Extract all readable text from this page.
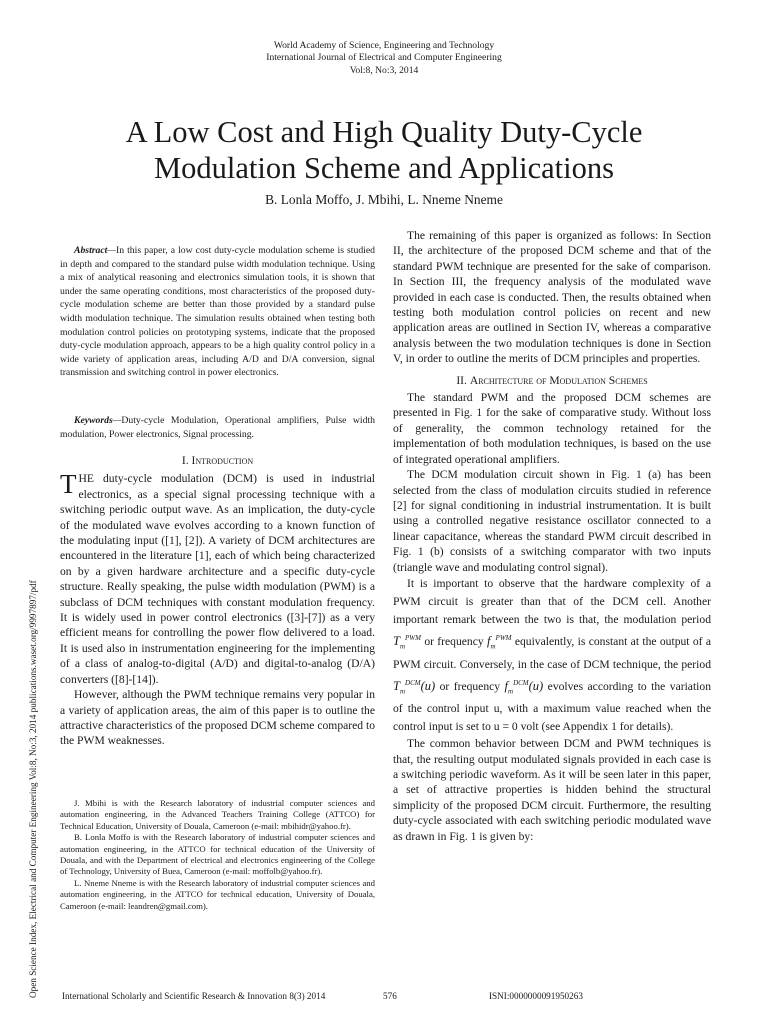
World Academy of Science, Engineering and Technology
International Journal of Electrical and Computer Engineering
Vol:8, No:3, 2014
A Low Cost and High Quality Duty-Cycle
Modulation Scheme and Applications
B. Lonla Moffo, J. Mbihi, L. Nneme Nneme
Open Science Index, Electrical and Computer Engineering Vol:8, No:3, 2014 publications.waset.org/9997897/pdf

Abstract—In this paper, a low cost duty-cycle modulation scheme is studied in depth and compared to the standard pulse width modulation technique. Using a mix of analytical reasoning and electronics simulation tools, it is shown that under the same operating conditions, most characteristics of the proposed duty-cycle modulation scheme are better than those provided by a standard pulse width modulation technique. The simulation results obtained when testing both modulation control policies on prototyping systems, indicate that the proposed duty-cycle modulation approach, appears to be a high quality control policy in a wide variety of application areas, including A/D and D/A conversion, signal transmission and switching control in power electronics.

Keywords—Duty-cycle Modulation, Operational amplifiers, Pulse width modulation, Power electronics, Signal processing.

I. Introduction

THE duty-cycle modulation (DCM) is used in industrial electronics, as a special signal processing technique with a switching periodic output wave. As an implication, the duty-cycle of the modulated wave evolves according to a known function of the modulating input ([1], [2]). A variety of DCM architectures are encountered in the literature [1], each of which being characterized on by a given hardware architecture and a specific duty-cycle structure. Really speaking, the pulse width modulation (PWM) is a subclass of DCM techniques with constant modulation frequency. It is widely used in power control electronics ([3]-[7]) as a very efficient means for controlling the power flow delivered to a load. It is used also in instrumentation engineering for the implementing of a class of analog-to-digital (A/D) and digital-to-analog (D/A) converters ([8]-[14]).

However, although the PWM technique remains very popular in a variety of application areas, the aim of this paper is to outline the attractive characteristics of the proposed DCM scheme compared to the PWM weaknesses.

J. Mbihi is with the Research laboratory of industrial computer sciences and automation engineering, in the Advanced Teachers Training College (ATTCO) for Technical Education, University of Douala, Cameroon (e-mail: mbihidr@yahoo.fr).

B. Lonla Moffo is with the Research laboratory of industrial computer sciences and automation engineering, in the ATTCO for technical education of the University of Douala, and with the Department of electrical and electronics engineering of the College of Technology, University of Buea, Cameroon (e-mail: moffolb@yahoo.fr).

L. Nneme Nneme is with the Research laboratory of industrial computer sciences and automation engineering, in the ATTCO for technical education, University of Douala, Cameroon (e-mail: leandren@gmail.com).

The remaining of this paper is organized as follows: In Section II, the architecture of the proposed DCM scheme and that of the standard PWM technique are presented for the sake of comparison. In Section III, the frequency analysis of the modulated wave provided in each case is conducted. Then, the results obtained when testing both modulation control policies on recent and new application areas are outlined in Section IV, whereas a comparative analysis between the two modulation techniques is done in Section V, in order to outline the merits of DCM principles and properties.

II. Architecture of Modulation Schemes

The standard PWM and the proposed DCM schemes are presented in Fig. 1 for the sake of comparative study. Without loss of generality, the common technology retained for the implementation of both modulation techniques, is based on the use of integrated operational amplifiers.

The DCM modulation circuit shown in Fig. 1 (a) has been selected from the class of modulation circuits studied in reference [2] for signal conditioning in industrial instrumentation. It is built using a controlled negative resistance oscillator connected to a linear capacitance, whereas the standard PWM circuit described in Fig. 1 (b) consists of a switching comparator with two inputs (triangle wave and modulating control signal).

It is important to observe that the hardware complexity of a PWM circuit is greater than that of the DCM cell. Another important remark between the two is that, the modulation period $T_m^{PWM}$ or frequency $f_m^{PWM}$ equivalently, is constant at the output of a PWM circuit. Conversely, in the case of DCM technique, the period $T_m^{DCM}(u)$ or frequency $f_m^{DCM}(u)$ evolves according to the variation of the control input u, with a maximum value reached when the control input is set to u = 0 volt (see Appendix 1 for details).

The common behavior between DCM and PWM techniques is that, the resulting output modulated signals provided in each case is a switching periodic waveform. As it will be seen later in this paper, a set of attractive properties is hidden behind the structural simplicity of the proposed DCM circuit. Furthermore, the resulting duty-cycle associated with each switching periodic modulated wave as drawn in Fig. 1 is given by:

International Scholarly and Scientific Research & Innovation 8(3) 2014	576	ISNI:0000000091950263
